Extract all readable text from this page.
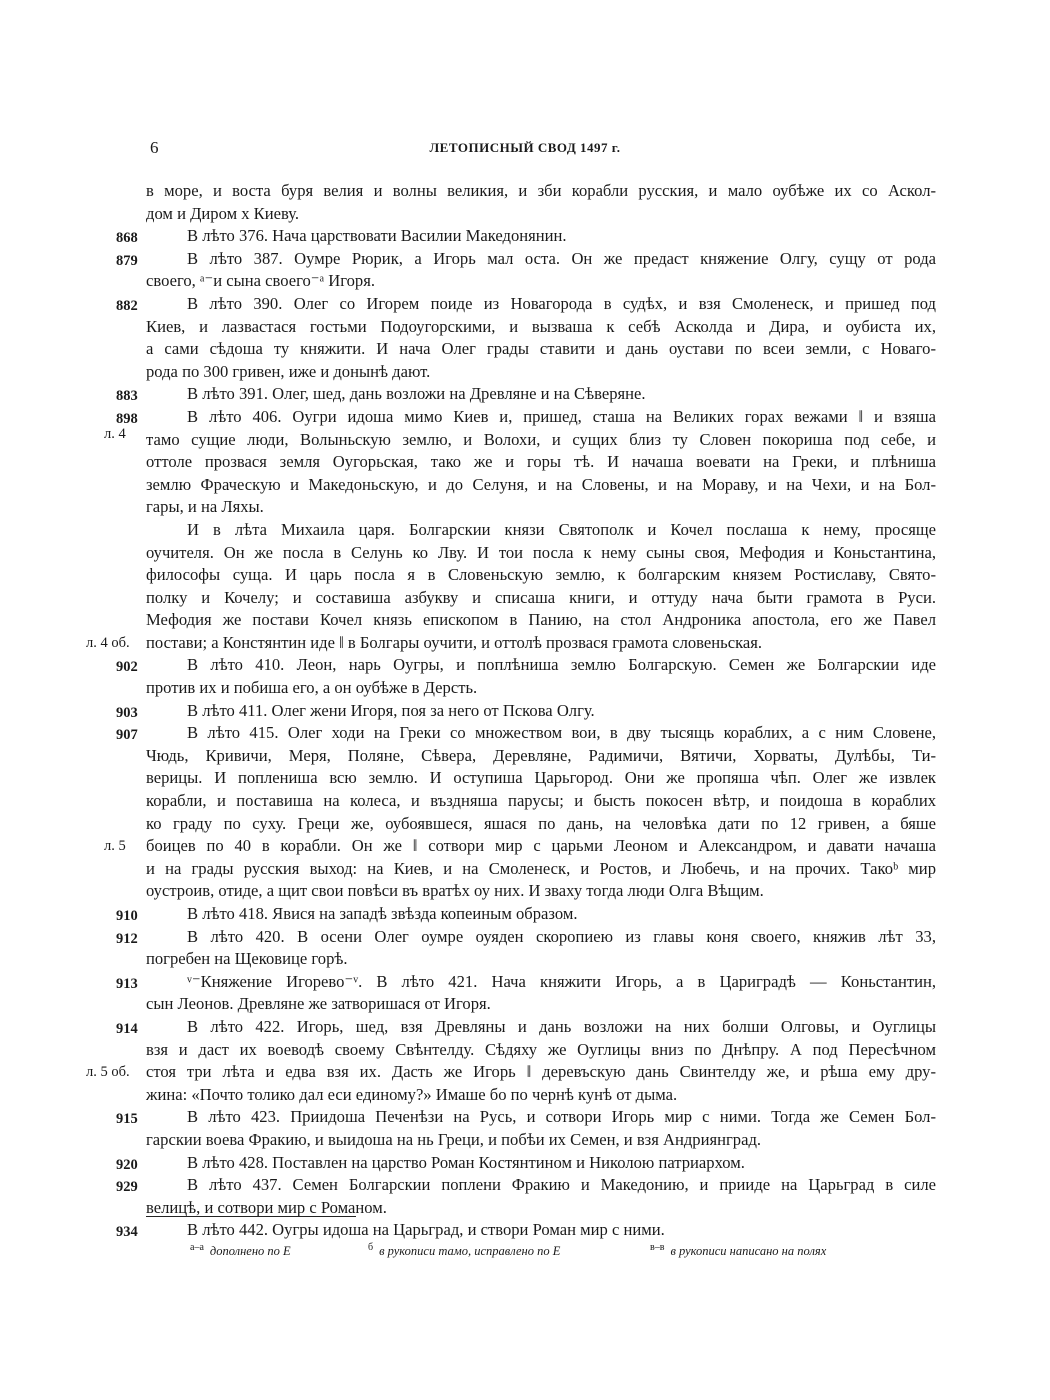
6	ЛЕТОПИСНЫЙ СВОД 1497 г.
в море, и воста буря велия и волны великия, и зби корабли русския, и мало оубѣже их со Аскол-
дом и Диром х Киеву.
868	В лѣто 376. Нача царствовати Василии Македонянин.
879	В лѣто 387. Оумре Рюрик, а Игорь мал оста. Он же предаст княжение Олгу, сущу от рода
своего, ᵃ⁻и сына своего⁻ᵃ Игоря.
882	В лѣто 390. Олег со Игорем поиде из Новагорода в судѣх, и взя Смоленеск, и пришед под
Киев, и лазвастася гостьми Подоугорскими, и вызваша к себѣ Асколда и Дира, и оубиста их,
а сами сѣдоша ту княжити. И нача Олег грады ставити и дань оустави по всеи земли, с Новаго-
рода по 300 гривен, иже и донынѣ дают.
883	В лѣто 391. Олег, шед, дань возложи на Древляне и на Сѣверяне.
898	В лѣто 406. Оугри идоша мимо Киев и, пришед, сташа на Великих горах вежами ‖ и взяша
л. 4 тамо сущие люди, Волыньскую землю, и Волохи, и сущих близ ту Словен покориша под себе, и
оттоле прозвася земля Оугорьская, тако же и горы тѣ. И начаша воевати на Греки, и плѣниша
землю Фраческую и Македоньскую, и до Селуня, и на Словены, и на Мораву, и на Чехи, и на Бол-
гары, и на Ляхы.
И в лѣта Михаила царя. Болгарскии князи Святополк и Кочел послаша к нему, просяще
оучителя. Он же посла в Селунь ко Лву. И тои посла к нему сыны своя, Мефодия и Коньстантина,
философы суща. И царь посла я в Словеньскую землю, к болгарским князем Ростиславу, Свято-
полку и Кочелу; и составиша азбукву и списаша книги, и оттуду нача быти грамота в Руси.
Мефодия же постави Кочел князь епископом в Панию, на стол Андроника апостола, его же Павел
л. 4 об. постави; а Констянтин иде ‖ в Болгары оучити, и оттолѣ прозвася грамота словеньская.
902	В лѣто 410. Леон, нарь Оугры, и поплѣниша землю Болгарскую. Семен же Болгарскии иде
против их и побиша его, а он оубѣже в Дерсть.
903	В лѣто 411. Олег жени Игоря, поя за него от Пскова Олгу.
907	В лѣто 415. Олег ходи на Греки со множеством вои, в дву тысящь кораблих, а с ним Словене,
Чюдь, Кривичи, Меря, Поляне, Сѣвера, Деревляне, Радимичи, Вятичи, Хорваты, Дулѣбы, Ти-
верицы. И поплениша всю землю. И оступиша Царьгород. Они же пропяша чѣп. Олег же извлек
корабли, и поставиша на колеса, и въздняша парусы; и бысть покосен вѣтр, и поидоша в кораблих
ко граду по суху. Греци же, оубоявшеся, яшася по дань, на человѣка дати по 12 гривен, а бяше
л. 5 боицев по 40 в корабли. Он же ‖ сотвори мир с царьми Леоном и Александром, и давати начаша
и на грады русския выход: на Киев, и на Смоленеск, и Ростов, и Любечь, и на прочих. Такоᵇ мир
оустроив, отиде, а щит свои повѣси въ вратѣх оу них. И зваху тогда люди Олга Вѣщим.
910	В лѣто 418. Явися на западѣ звѣзда копеиным образом.
912	В лѣто 420. В осени Олег оумре оуяден скоропиею из главы коня своего, княжив лѣт 33,
погребен на Щековице горѣ.
913	ᵛ⁻Княжение Игорево⁻ᵛ. В лѣто 421. Нача княжити Игорь, а в Цариградѣ — Коньстантин,
сын Леонов. Древляне же затворишася от Игоря.
914	В лѣто 422. Игорь, шед, взя Древляны и дань возложи на них болши Олговы, и Оуглицы
взя и даст их воеводѣ своему Свѣнтелду. Сѣдяху же Оуглицы вниз по Днѣпру. А под Пересѣчном
л. 5 об. стоя три лѣта и едва взя их. Дасть же Игорь ‖ деревъскую дань Свинтелду же, и рѣша ему дру-
жина: «Почто толико дал еси единому?» Имаше бо по чернѣ кунѣ от дыма.
915	В лѣто 423. Приидоша Печенѣзи на Русь, и сотвори Игорь мир с ними. Тогда же Семен Бол-
гарскии воева Фракию, и выидоша на нь Греци, и побѣи их Семен, и взя Андриянград.
920	В лѣто 428. Поставлен на царство Роман Костянтином и Николою патриархом.
929	В лѣто 437. Семен Болгарскии поплени Фракию и Македонию, и прииде на Царьград в силе
велицѣ, и сотвори мир с Романом.
934	В лѣто 442. Оугры идоша на Царьград, и створи Роман мир с ними.
$^{а-а}$ дополнено по Е	$^б$ в рукописи тамо, исправлено по Е	$^{в-в}$ в рукописи написано на полях
